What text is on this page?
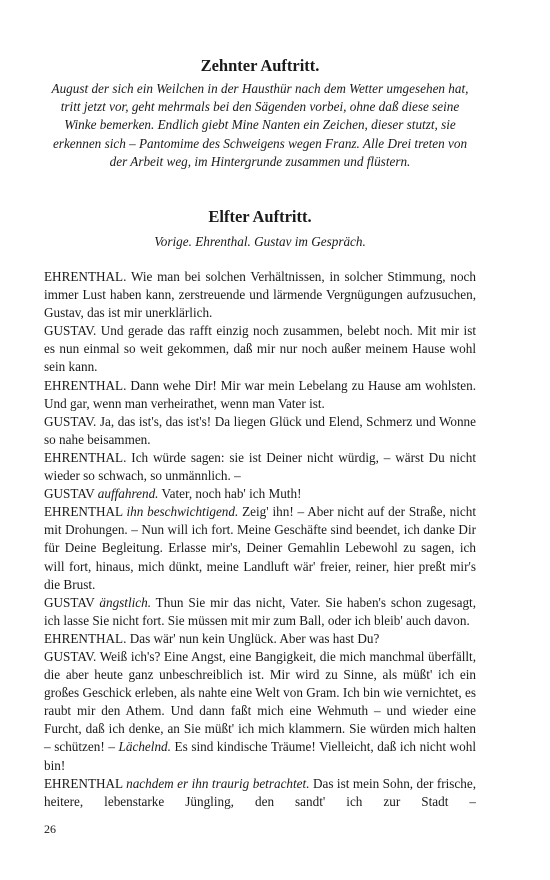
Zehnter Auftritt.

August der sich ein Weilchen in der Hausthür nach dem Wetter umgesehen hat, tritt jetzt vor, geht mehrmals bei den Sägenden vorbei, ohne daß diese seine Winke bemerken. Endlich giebt Mine Nanten ein Zeichen, dieser stutzt, sie erkennen sich – Pantomime des Schweigens wegen Franz. Alle Drei treten von der Arbeit weg, im Hintergrunde zusammen und flüstern.

Elfter Auftritt.

Vorige. Ehrenthal. Gustav im Gespräch.

EHRENTHAL. Wie man bei solchen Verhältnissen, in solcher Stimmung, noch immer Lust haben kann, zerstreuende und lärmende Vergnügungen aufzusuchen, Gustav, das ist mir unerklärlich.

GUSTAV. Und gerade das rafft einzig noch zusammen, belebt noch. Mit mir ist es nun einmal so weit gekommen, daß mir nur noch außer meinem Hause wohl sein kann.

EHRENTHAL. Dann wehe Dir! Mir war mein Lebelang zu Hause am wohlsten. Und gar, wenn man verheirathet, wenn man Vater ist.

GUSTAV. Ja, das ist's, das ist's! Da liegen Glück und Elend, Schmerz und Wonne so nahe beisammen.

EHRENTHAL. Ich würde sagen: sie ist Deiner nicht würdig, – wärst Du nicht wieder so schwach, so unmännlich. –

GUSTAV auffahrend. Vater, noch hab' ich Muth!

EHRENTHAL ihn beschwichtigend. Zeig' ihn! – Aber nicht auf der Straße, nicht mit Drohungen. – Nun will ich fort. Meine Geschäfte sind beendet, ich danke Dir für Deine Begleitung. Erlasse mir's, Deiner Gemahlin Lebewohl zu sagen, ich will fort, hinaus, mich dünkt, meine Landluft wär' freier, reiner, hier preßt mir's die Brust.

GUSTAV ängstlich. Thun Sie mir das nicht, Vater. Sie haben's schon zugesagt, ich lasse Sie nicht fort. Sie müssen mit mir zum Ball, oder ich bleib' auch davon.

EHRENTHAL. Das wär' nun kein Unglück. Aber was hast Du?

GUSTAV. Weiß ich's? Eine Angst, eine Bangigkeit, die mich manchmal überfällt, die aber heute ganz unbeschreiblich ist. Mir wird zu Sinne, als müßt' ich ein großes Geschick erleben, als nahte eine Welt von Gram. Ich bin wie vernichtet, es raubt mir den Athem. Und dann faßt mich eine Wehmuth – und wieder eine Furcht, daß ich denke, an Sie müßt' ich mich klammern. Sie würden mich halten – schützen! – Lächelnd. Es sind kindische Träume! Vielleicht, daß ich nicht wohl bin!

EHRENTHAL nachdem er ihn traurig betrachtet. Das ist mein Sohn, der frische, heitere, lebenstarke Jüngling, den sandt' ich zur Stadt –

26
